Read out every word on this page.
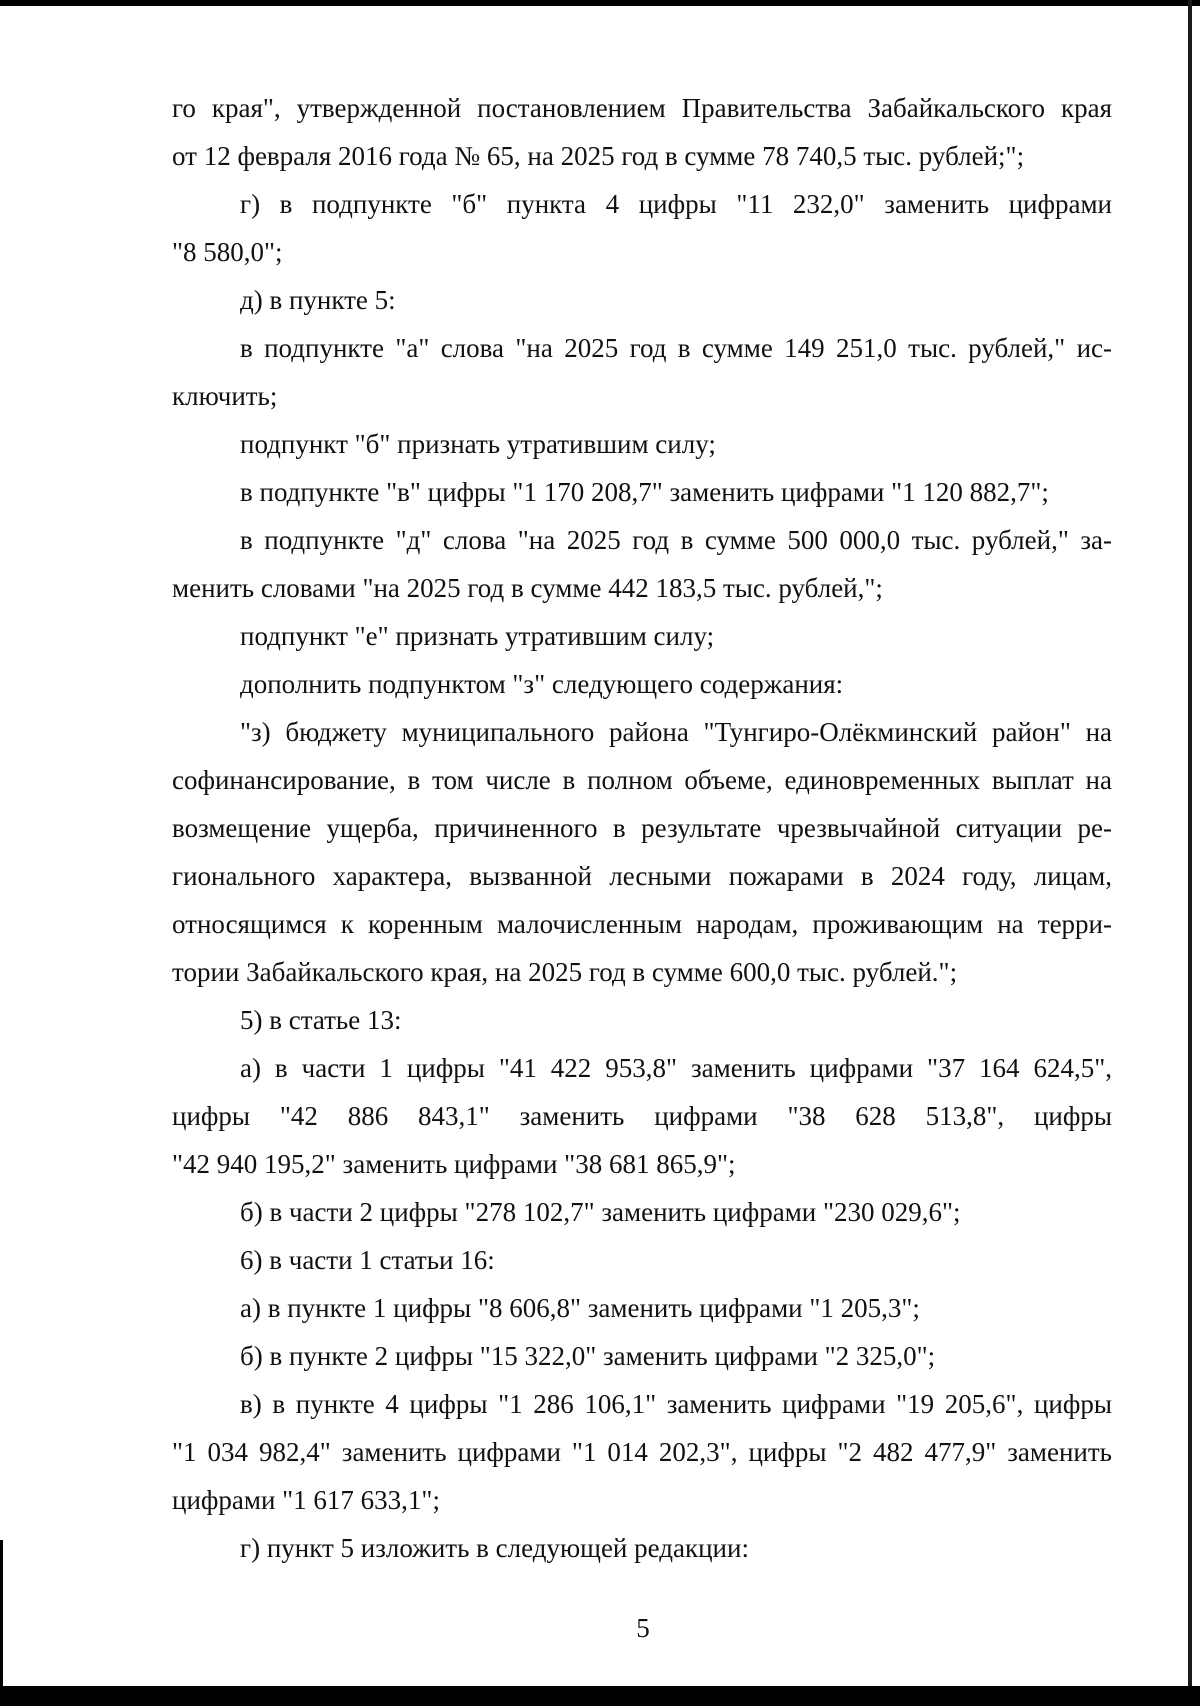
го края", утвержденной постановлением Правительства Забайкальского края
от 12 февраля 2016 года № 65, на 2025 год в сумме 78 740,5 тыс. рублей;";
г) в подпункте "б" пункта 4 цифры "11 232,0" заменить цифрами
"8 580,0";
д) в пункте 5:
в подпункте "а" слова "на 2025 год в сумме 149 251,0 тыс. рублей," ис-
ключить;
подпункт "б" признать утратившим силу;
в подпункте "в" цифры "1 170 208,7" заменить цифрами "1 120 882,7";
в подпункте "д" слова "на 2025 год в сумме 500 000,0 тыс. рублей," за-
менить словами "на 2025 год в сумме 442 183,5 тыс. рублей,";
подпункт "е" признать утратившим силу;
дополнить подпунктом "з" следующего содержания:
"з) бюджету муниципального района "Тунгиро-Олёкминский район" на
софинансирование, в том числе в полном объеме, единовременных выплат на
возмещение ущерба, причиненного в результате чрезвычайной ситуации ре-
гионального характера, вызванной лесными пожарами в 2024 году, лицам,
относящимся к коренным малочисленным народам, проживающим на терри-
тории Забайкальского края, на 2025 год в сумме 600,0 тыс. рублей.";
5) в статье 13:
а) в части 1 цифры "41 422 953,8" заменить цифрами "37 164 624,5",
цифры "42 886 843,1" заменить цифрами "38 628 513,8", цифры
"42 940 195,2" заменить цифрами "38 681 865,9";
б) в части 2 цифры "278 102,7" заменить цифрами "230 029,6";
6) в части 1 статьи 16:
а) в пункте 1 цифры "8 606,8" заменить цифрами "1 205,3";
б) в пункте 2 цифры "15 322,0" заменить цифрами "2 325,0";
в) в пункте 4 цифры "1 286 106,1" заменить цифрами "19 205,6", цифры
"1 034 982,4" заменить цифрами "1 014 202,3", цифры "2 482 477,9" заменить
цифрами "1 617 633,1";
г) пункт 5 изложить в следующей редакции:
5
